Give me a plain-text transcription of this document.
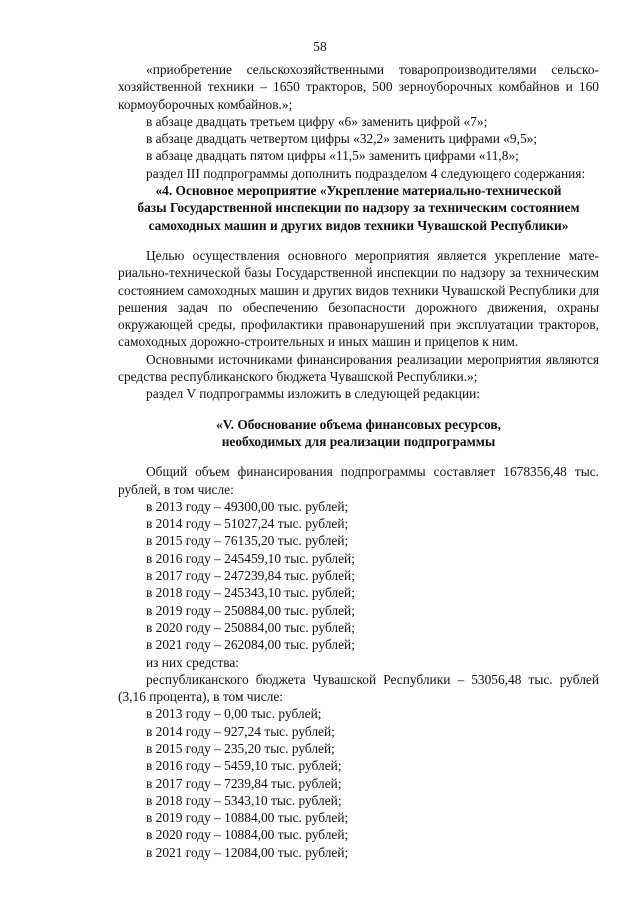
58

«приобретение сельскохозяйственными товаропроизводителями сельскохозяйственной техники – 1650 тракторов, 500 зерноуборочных комбайнов и 160 кормоуборочных комбайнов.»;

в абзаце двадцать третьем цифру «6» заменить цифрой «7»;

в абзаце двадцать четвертом цифры «32,2» заменить цифрами «9,5»;

в абзаце двадцать пятом цифры «11,5» заменить цифрами «11,8»;

раздел III подпрограммы дополнить подразделом 4 следующего содержания:

«4. Основное мероприятие «Укрепление материально-технической

базы Государственной инспекции по надзору за техническим состоянием

самоходных машин и других видов техники Чувашской Республики»

Целью осуществления основного мероприятия является укрепление материально-технической базы Государственной инспекции по надзору за техническим состоянием самоходных машин и других видов техники Чувашской Республики для решения задач по обеспечению безопасности дорожного движения, охраны окружающей среды, профилактики правонарушений при эксплуатации тракторов, самоходных дорожно-строительных и иных машин и прицепов к ним.

Основными источниками финансирования реализации мероприятия являются средства республиканского бюджета Чувашской Республики.»;

раздел V подпрограммы изложить в следующей редакции:

«V. Обоснование объема финансовых ресурсов,

необходимых для реализации подпрограммы

Общий объем финансирования подпрограммы составляет 1678356,48 тыс. рублей, в том числе:

в 2013 году – 49300,00 тыс. рублей;

в 2014 году – 51027,24 тыс. рублей;

в 2015 году – 76135,20 тыс. рублей;

в 2016 году – 245459,10 тыс. рублей;

в 2017 году – 247239,84 тыс. рублей;

в 2018 году – 245343,10 тыс. рублей;

в 2019 году – 250884,00 тыс. рублей;

в 2020 году – 250884,00 тыс. рублей;

в 2021 году – 262084,00 тыс. рублей;

из них средства:

республиканского бюджета Чувашской Республики – 53056,48 тыс. рублей (3,16 процента), в том числе:

в 2013 году – 0,00 тыс. рублей;

в 2014 году – 927,24 тыс. рублей;

в 2015 году – 235,20 тыс. рублей;

в 2016 году – 5459,10 тыс. рублей;

в 2017 году – 7239,84 тыс. рублей;

в 2018 году – 5343,10 тыс. рублей;

в 2019 году – 10884,00 тыс. рублей;

в 2020 году – 10884,00 тыс. рублей;

в 2021 году – 12084,00 тыс. рублей;
